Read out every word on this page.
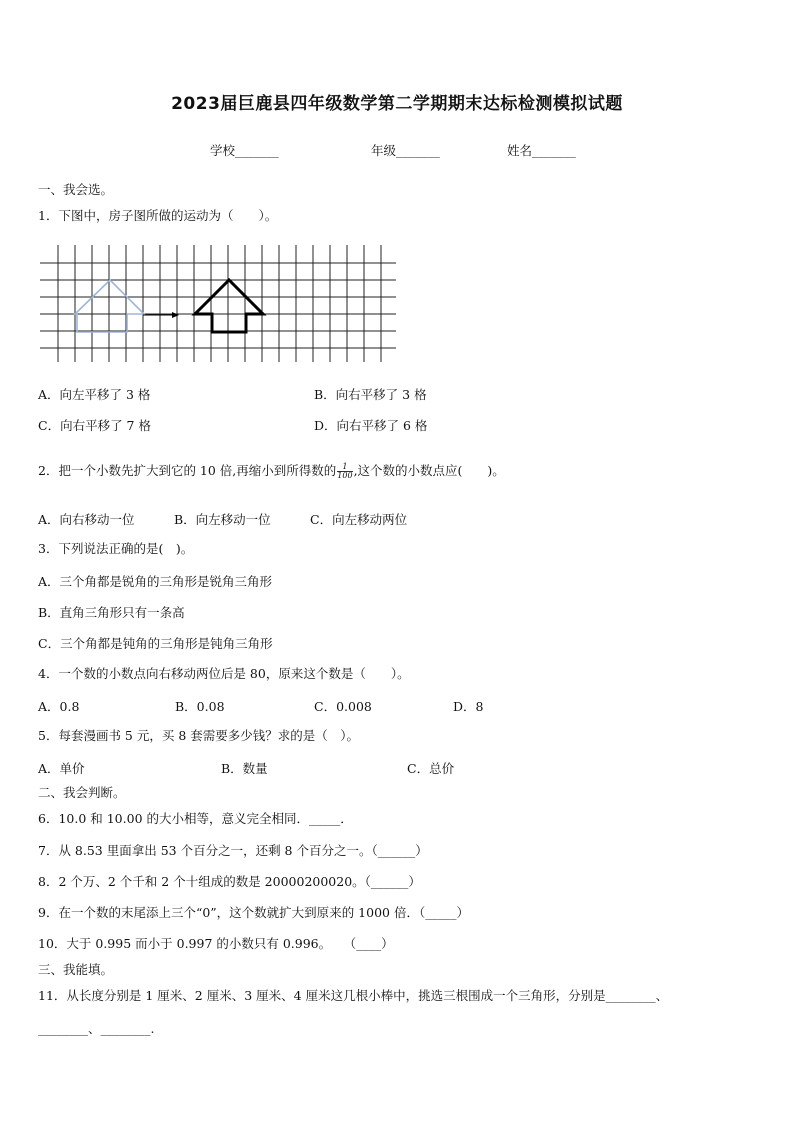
2023届巨鹿县四年级数学第二学期期末达标检测模拟试题
学校_______	年级_______	姓名_______
一、我会选。
1．下图中，房子图所做的运动为（　　）。
A．向左平移了 3 格	B．向右平移了 3 格
C．向右平移了 7 格	D．向右平移了 6 格
2．把一个小数先扩大到它的 10 倍,再缩小到所得数的 $\frac{1}{100}$ ,这个数的小数点应(　　)。
A．向右移动一位	B．向左移动一位	C．向左移动两位
3．下列说法正确的是(　)。
A．三个角都是锐角的三角形是锐角三角形
B．直角三角形只有一条高
C．三个角都是钝角的三角形是钝角三角形
4．一个数的小数点向右移动两位后是 80，原来这个数是（　　）。
A．0.8	B．0.08	C．0.008	D．8
5．每套漫画书 5 元，买 8 套需要多少钱？求的是（　）。
A．单价	B．数量	C．总价
二、我会判断。
6．10.0 和 10.00 的大小相等，意义完全相同．_____．
7．从 8.53 里面拿出 53 个百分之一，还剩 8 个百分之一。（______）
8．2 个万、2 个千和 2 个十组成的数是 20000200020。（______）
9．在一个数的末尾添上三个“0”，这个数就扩大到原来的 1000 倍．（_____）
10．大于 0.995 而小于 0.997 的小数只有 0.996。　　（____）
三、我能填。
11．从长度分别是 1 厘米、2 厘米、3 厘米、4 厘米这几根小棒中，挑选三根围成一个三角形，分别是________、
________、________.
